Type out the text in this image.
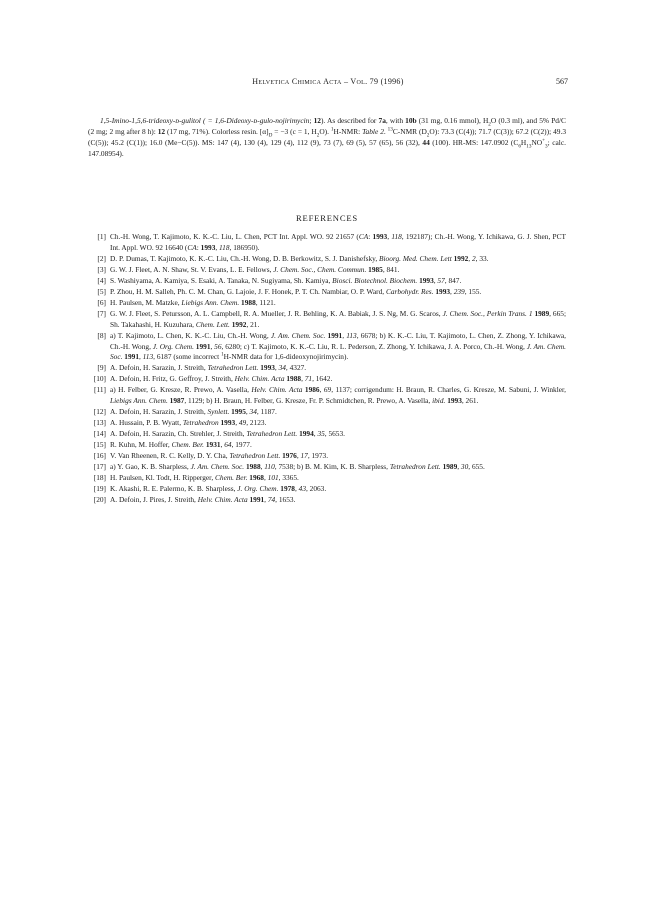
Helvetica Chimica Acta – Vol. 79 (1996)	567

1,5-Imino-1,5,6-trideoxy-ᴅ-gulitol ( = 1,6-Dideoxy-ᴅ-gulo-nojirimycin; 12). As described for 7a, with 10b (31 mg, 0.16 mmol), $H_2O$ (0.3 ml), and 5% Pd/C (2 mg; 2 mg after 8 h): 12 (17 mg, 71%). Colorless resin. $[\alpha]_D = -3$ (c = 1, $H_2O$). $^1$H-NMR: Table 2. $^{13}$C-NMR $(D_2O)$: 73.3 (C(4)); 71.7 (C(3)); 67.2 (C(2)); 49.3 (C(5)); 45.2 (C(1)); 16.0 (Me−C(5)). MS: 147 (4), 130 (4), 129 (4), 112 (9), 73 (7), 69 (5), 57 (65), 56 (32), 44 (100). HR-MS: 147.0902 ($C_6H_{13}NO^+_3$; calc. 147.08954).

REFERENCES
[1] Ch.-H. Wong, T. Kajimoto, K. K.-C. Liu, L. Chen, PCT Int. Appl. WO. 92 21657 (CA: 1993, 118, 192187); Ch.-H. Wong, Y. Ichikawa, G. J. Shen, PCT Int. Appl. WO. 92 16640 (CA: 1993, 118, 186950).
[2] D. P. Dumas, T. Kajimoto, K. K.-C. Liu, Ch.-H. Wong, D. B. Berkowitz, S. J. Danishefsky, Bioorg. Med. Chem. Lett 1992, 2, 33.
[3] G. W. J. Fleet, A. N. Shaw, St. V. Evans, L. E. Fellows, J. Chem. Soc., Chem. Commun. 1985, 841.
[4] S. Washiyama, A. Kamiya, S. Esaki, A. Tanaka, N. Sugiyama, Sh. Kamiya, Biosci. Biotechnol. Biochem. 1993, 57, 847.
[5] P. Zhou, H. M. Salleh, Ph. C. M. Chan, G. Lajoie, J. F. Honek, P. T. Ch. Nambiar, O. P. Ward, Carbohydr. Res. 1993, 239, 155.
[6] H. Paulsen, M. Matzke, Liebigs Ann. Chem. 1988, 1121.
[7] G. W. J. Fleet, S. Petursson, A. L. Campbell, R. A. Mueller, J. R. Behling, K. A. Babiak, J. S. Ng, M. G. Scaros, J. Chem. Soc., Perkin Trans. 1 1989, 665; Sh. Takahashi, H. Kuzuhara, Chem. Lett. 1992, 21.
[8] a) T. Kajimoto, L. Chen, K. K.-C. Liu, Ch.-H. Wong, J. Am. Chem. Soc. 1991, 113, 6678; b) K. K.-C. Liu, T. Kajimoto, L. Chen, Z. Zhong, Y. Ichikawa, Ch.-H. Wong, J. Org. Chem. 1991, 56, 6280; c) T. Kajimoto, K. K.-C. Liu, R. L. Pederson, Z. Zhong, Y. Ichikawa, J. A. Porco, Ch.-H. Wong, J. Am. Chem. Soc. 1991, 113, 6187 (some incorrect $^1$H-NMR data for 1,6-dideoxynojirimycin).
[9] A. Defoin, H. Sarazin, J. Streith, Tetrahedron Lett. 1993, 34, 4327.
[10] A. Defoin, H. Fritz, G. Geffroy, J. Streith, Helv. Chim. Acta 1988, 71, 1642.
[11] a) H. Felber, G. Kresze, R. Prewo, A. Vasella, Helv. Chim. Acta 1986, 69, 1137; corrigendum: H. Braun, R. Charles, G. Kresze, M. Sabuni, J. Winkler, Liebigs Ann. Chem. 1987, 1129; b) H. Braun, H. Felber, G. Kresze, Fr. P. Schmidtchen, R. Prewo, A. Vasella, ibid. 1993, 261.
[12] A. Defoin, H. Sarazin, J. Streith, Synlett. 1995, 34, 1187.
[13] A. Hussain, P. B. Wyatt, Tetrahedron 1993, 49, 2123.
[14] A. Defoin, H. Sarazin, Ch. Strehler, J. Streith, Tetrahedron Lett. 1994, 35, 5653.
[15] R. Kuhn, M. Hoffer, Chem. Ber. 1931, 64, 1977.
[16] V. Van Rheenen, R. C. Kelly, D. Y. Cha, Tetrahedron Lett. 1976, 17, 1973.
[17] a) Y. Gao, K. B. Sharpless, J. Am. Chem. Soc. 1988, 110, 7538; b) B. M. Kim, K. B. Sharpless, Tetrahedron Lett. 1989, 30, 655.
[18] H. Paulsen, Kl. Todt, H. Ripperger, Chem. Ber. 1968, 101, 3365.
[19] K. Akashi, R. E. Palermo, K. B. Sharpless, J. Org. Chem. 1978, 43, 2063.
[20] A. Defoin, J. Pires, J. Streith, Helv. Chim. Acta 1991, 74, 1653.
